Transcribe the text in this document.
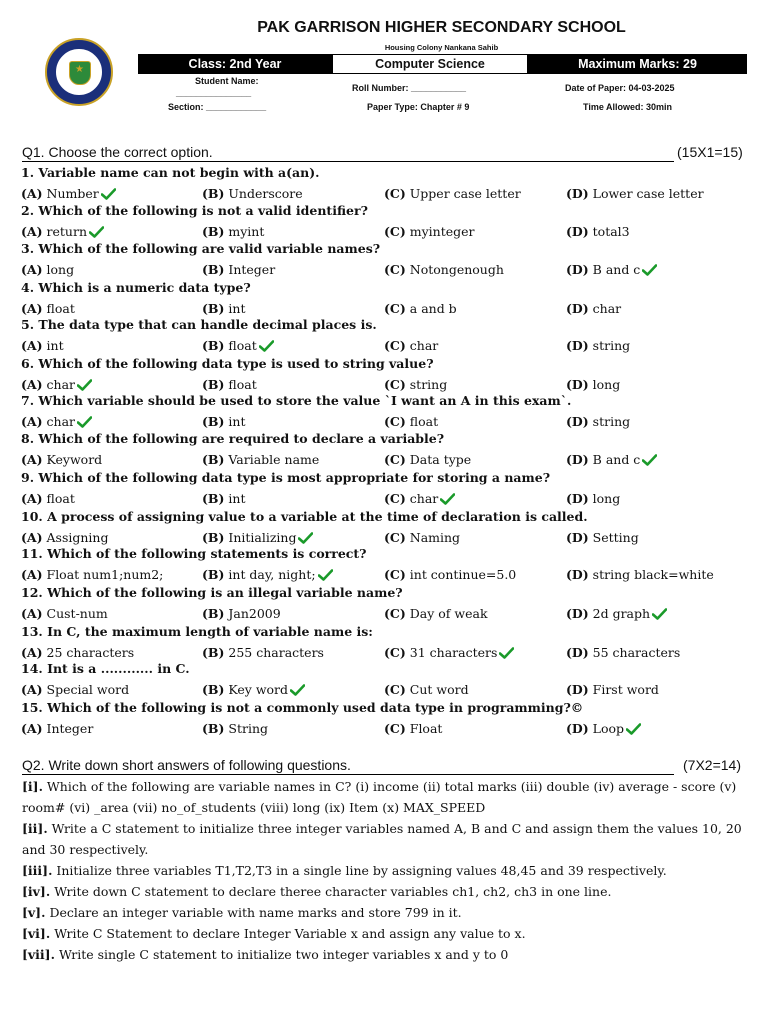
★
PAK GARRISON HIGHER SECONDARY SCHOOL
Housing Colony Nankana Sahib
Class: 2nd Year	Computer Science	Maximum Marks: 29
Student Name:
_______________
Section: ____________
Roll Number: ___________
Paper Type: Chapter # 9
Date of Paper: 04-03-2025
Time Allowed: 30min
Q1. Choose the correct option.	(15X1=15)
1. Variable name can not begin with a(an).
(A) Number	(B) Underscore	(C) Upper case letter	(D) Lower case letter
2. Which of the following is not a valid identifier?
(A) return	(B) myint	(C) myinteger	(D) total3
3. Which of the following are valid variable names?
(A) long	(B) Integer	(C) Notongenough	(D) B and c
4. Which is a numeric data type?
(A) float	(B) int	(C) a and b	(D) char
5. The data type that can handle decimal places is.
(A) int	(B) float	(C) char	(D) string
6. Which of the following data type is used to string value?
(A) char	(B) float	(C) string	(D) long
7. Which variable should be used to store the value `I want an A in this exam`.
(A) char	(B) int	(C) float	(D) string
8. Which of the following are required to declare a variable?
(A) Keyword	(B) Variable name	(C) Data type	(D) B and c
9. Which of the following data type is most appropriate for storing a name?
(A) float	(B) int	(C) char	(D) long
10. A process of assigning value to a variable at the time of declaration is called.
(A) Assigning	(B) Initializing	(C) Naming	(D) Setting
11. Which of the following statements is correct?
(A) Float num1;num2;	(B) int day, night;	(C) int continue=5.0	(D) string black=white
12. Which of the following is an illegal variable name?
(A) Cust-num	(B) Jan2009	(C) Day of weak	(D) 2d graph
13. In C, the maximum length of variable name is:
(A) 25 characters	(B) 255 characters	(C) 31 characters	(D) 55 characters
14. Int is a ............ in C.
(A) Special word	(B) Key word	(C) Cut word	(D) First word
15. Which of the following is not a commonly used data type in programming?©
(A) Integer	(B) String	(C) Float	(D) Loop
Q2. Write down short answers of following questions.	(7X2=14)
[i]. Which of the following are variable names in C? (i) income (ii) total marks (iii) double (iv) average - score (v) room# (vi) _area (vii) no_of_students (viii) long (ix) Item (x) MAX_SPEED
[ii]. Write a C statement to initialize three integer variables named A, B and C and assign them the values 10, 20 and 30 respectively.
[iii]. Initialize three variables T1,T2,T3 in a single line by assigning values 48,45 and 39 respectively.
[iv]. Write down C statement to declare theree character variables ch1, ch2, ch3 in one line.
[v]. Declare an integer variable with name marks and store 799 in it.
[vi]. Write C Statement to declare Integer Variable x and assign any value to x.
[vii]. Write single C statement to initialize two integer variables x and y to 0
